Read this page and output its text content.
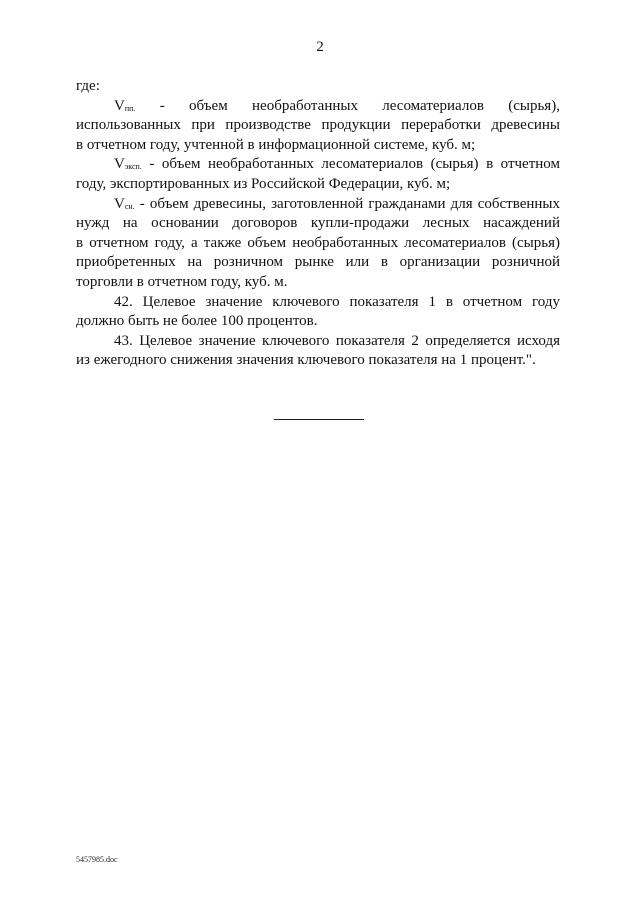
2
где:
$V_{пп.}$ - объем необработанных лесоматериалов (сырья),
использованных при производстве продукции переработки древесины
в отчетном году, учтенной в информационной системе, куб. м;
$V_{эксп.}$ - объем необработанных лесоматериалов (сырья) в отчетном
году, экспортированных из Российской Федерации, куб. м;
$V_{сн.}$ - объем древесины, заготовленной гражданами для собственных
нужд на основании договоров купли-продажи лесных насаждений
в отчетном году, а также объем необработанных лесоматериалов (сырья)
приобретенных на розничном рынке или в организации розничной
торговли в отчетном году, куб. м.
42. Целевое значение ключевого показателя 1 в отчетном году
должно быть не более 100 процентов.
43. Целевое значение ключевого показателя 2 определяется исходя
из ежегодного снижения значения ключевого показателя на 1 процент.".
5457985.doc
